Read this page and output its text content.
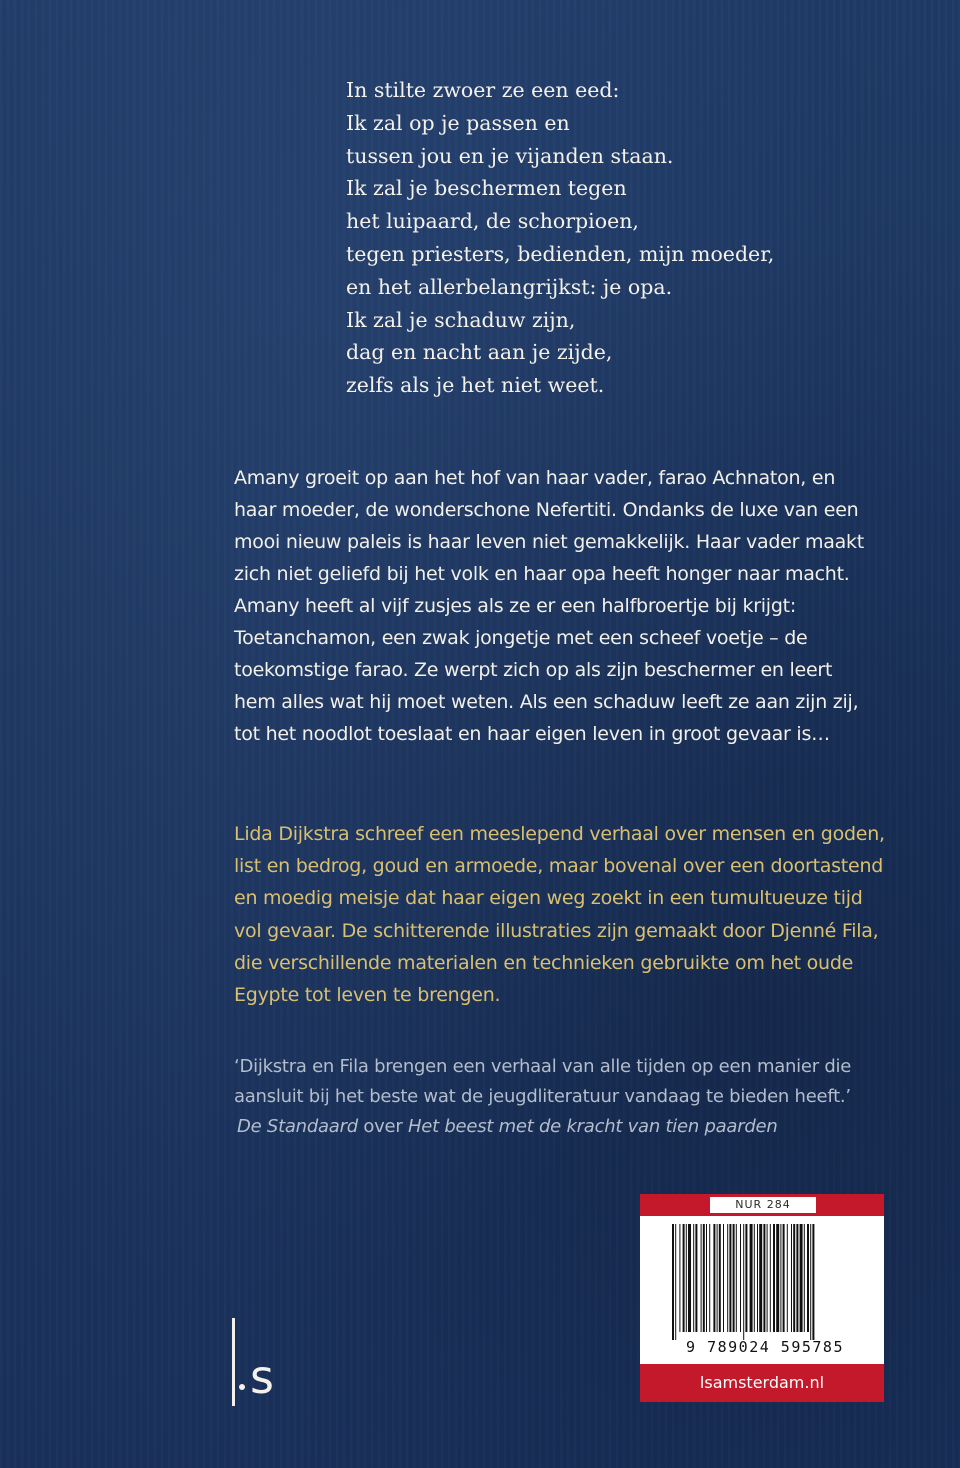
In stilte zwoer ze een eed:
Ik zal op je passen en
tussen jou en je vijanden staan.
Ik zal je beschermen tegen
het luipaard, de schorpioen,
tegen priesters, bedienden, mijn moeder,
en het allerbelangrijkst: je opa.
Ik zal je schaduw zijn,
dag en nacht aan je zijde,
zelfs als je het niet weet.
Amany groeit op aan het hof van haar vader, farao Achnaton, en
haar moeder, de wonderschone Nefertiti. Ondanks de luxe van een
mooi nieuw paleis is haar leven niet gemakkelijk. Haar vader maakt
zich niet geliefd bij het volk en haar opa heeft honger naar macht.
Amany heeft al vijf zusjes als ze er een halfbroertje bij krijgt:
Toetanchamon, een zwak jongetje met een scheef voetje – de
toekomstige farao. Ze werpt zich op als zijn beschermer en leert
hem alles wat hij moet weten. Als een schaduw leeft ze aan zijn zij,
tot het noodlot toeslaat en haar eigen leven in groot gevaar is…
Lida Dijkstra schreef een meeslepend verhaal over mensen en goden,
list en bedrog, goud en armoede, maar bovenal over een doortastend
en moedig meisje dat haar eigen weg zoekt in een tumultueuze tijd
vol gevaar. De schitterende illustraties zijn gemaakt door Djenné Fila,
die verschillende materialen en technieken gebruikte om het oude
Egypte tot leven te brengen.
‘Dijkstra en Fila brengen een verhaal van alle tijden op een manier die
aansluit bij het beste wat de jeugdliteratuur vandaag te bieden heeft.’
De Standaard over Het beest met de kracht van tien paarden
s
NUR 284
9 789024 595785
lsamsterdam.nl
